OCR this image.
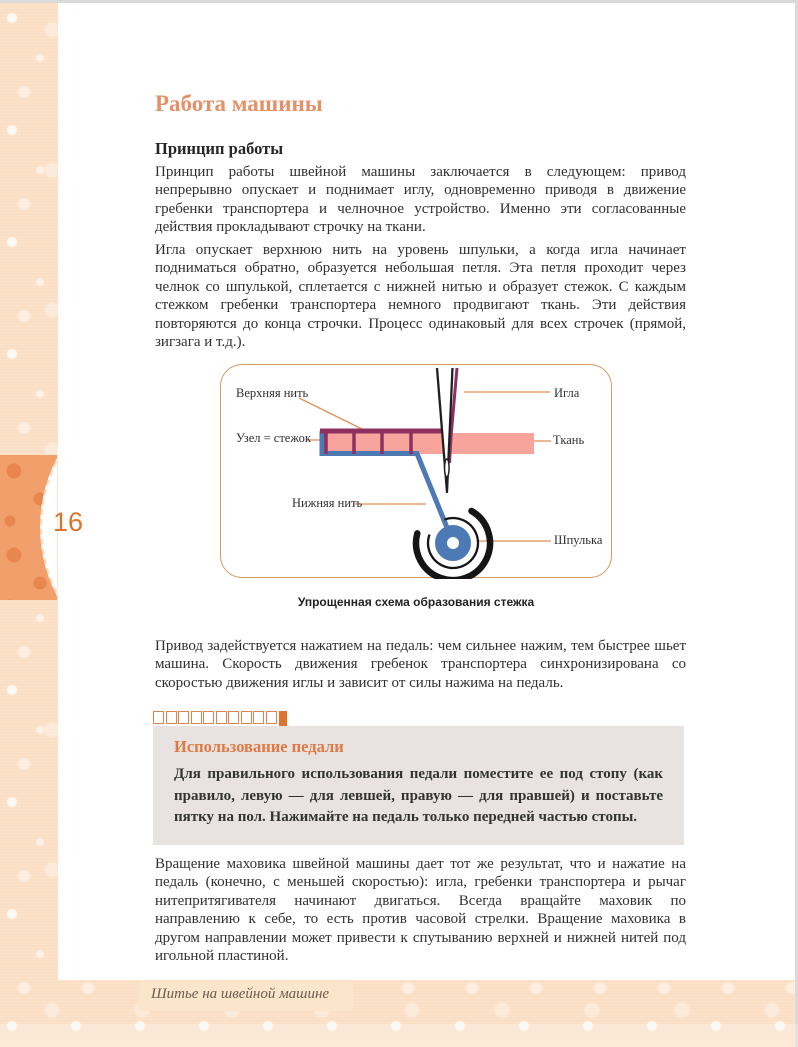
Работа машины
Принцип работы
Принцип работы швейной машины заключается в следующем: привод непрерывно опускает и поднимает иглу, одновременно приводя в движение гребенки транспортера и челночное устройство. Именно эти согласованные действия прокладывают строчку на ткани.
Игла опускает верхнюю нить на уровень шпульки, а когда игла начинает подниматься обратно, образуется небольшая петля. Эта петля проходит через челнок со шпулькой, сплетается с нижней нитью и образует стежок. С каждым стежком гребенки транспортера немного продвигают ткань. Эти действия повторяются до конца строчки. Процесс одинаковый для всех строчек (прямой, зигзага и т.д.).
Верхняя нить	Игла
Узел = стежок	Ткань
Нижняя нить
Шпулька
Упрощенная схема образования стежка
Привод задействуется нажатием на педаль: чем сильнее нажим, тем быстрее шьет машина. Скорость движения гребенок транспортера синхронизирована со скоростью движения иглы и зависит от силы нажима на педаль.
Использование педали
Для правильного использования педали поместите ее под стопу (как правило, левую — для левшей, правую — для правшей) и поставьте пятку на пол. Нажимайте на педаль только передней частью стопы.
Вращение маховика швейной машины дает тот же результат, что и нажатие на педаль (конечно, с меньшей скоростью): игла, гребенки транспортера и рычаг нитепритягивателя начинают двигаться. Всегда вращайте маховик по направлению к себе, то есть против часовой стрелки. Вращение маховика в другом направлении может привести к спутыванию верхней и нижней нитей под игольной пластиной.
16
Шитье на швейной машине
